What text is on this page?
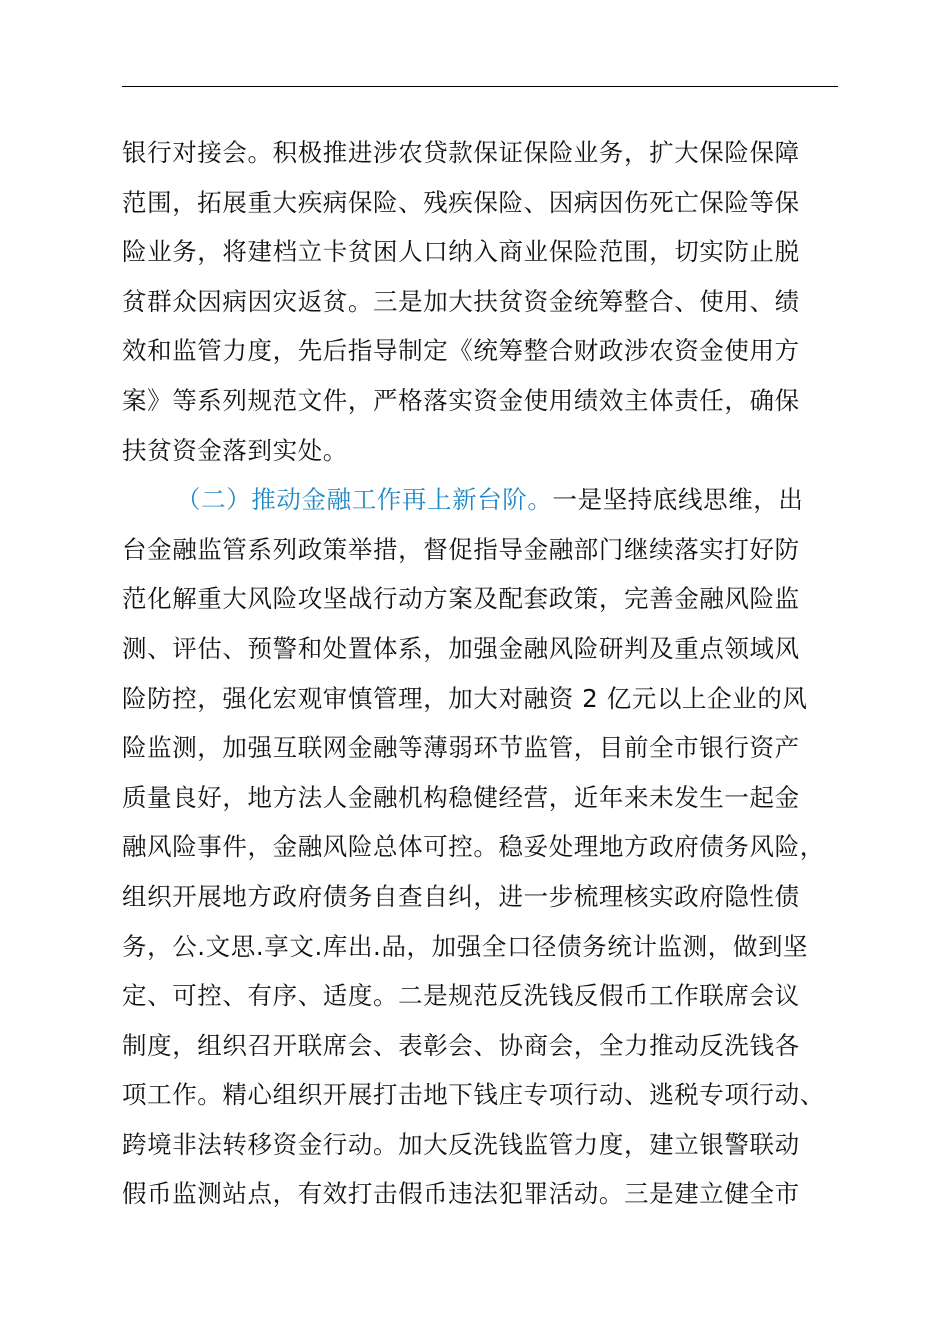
银行对接会。积极推进涉农贷款保证保险业务，扩大保险保障
范围，拓展重大疾病保险、残疾保险、因病因伤死亡保险等保
险业务，将建档立卡贫困人口纳入商业保险范围，切实防止脱
贫群众因病因灾返贫。三是加大扶贫资金统筹整合、使用、绩
效和监管力度，先后指导制定《统筹整合财政涉农资金使用方
案》等系列规范文件，严格落实资金使用绩效主体责任，确保
扶贫资金落到实处。
（二）推动金融工作再上新台阶。一是坚持底线思维，出
台金融监管系列政策举措，督促指导金融部门继续落实打好防
范化解重大风险攻坚战行动方案及配套政策，完善金融风险监
测、评估、预警和处置体系，加强金融风险研判及重点领域风
险防控，强化宏观审慎管理，加大对融资 2 亿元以上企业的风
险监测，加强互联网金融等薄弱环节监管，目前全市银行资产
质量良好，地方法人金融机构稳健经营，近年来未发生一起金
融风险事件，金融风险总体可控。稳妥处理地方政府债务风险，
组织开展地方政府债务自查自纠，进一步梳理核实政府隐性债
务，公.文思.享文.库出.品，加强全口径债务统计监测，做到坚
定、可控、有序、适度。二是规范反洗钱反假币工作联席会议
制度，组织召开联席会、表彰会、协商会，全力推动反洗钱各
项工作。精心组织开展打击地下钱庄专项行动、逃税专项行动、
跨境非法转移资金行动。加大反洗钱监管力度，建立银警联动
假币监测站点，有效打击假币违法犯罪活动。三是建立健全市
